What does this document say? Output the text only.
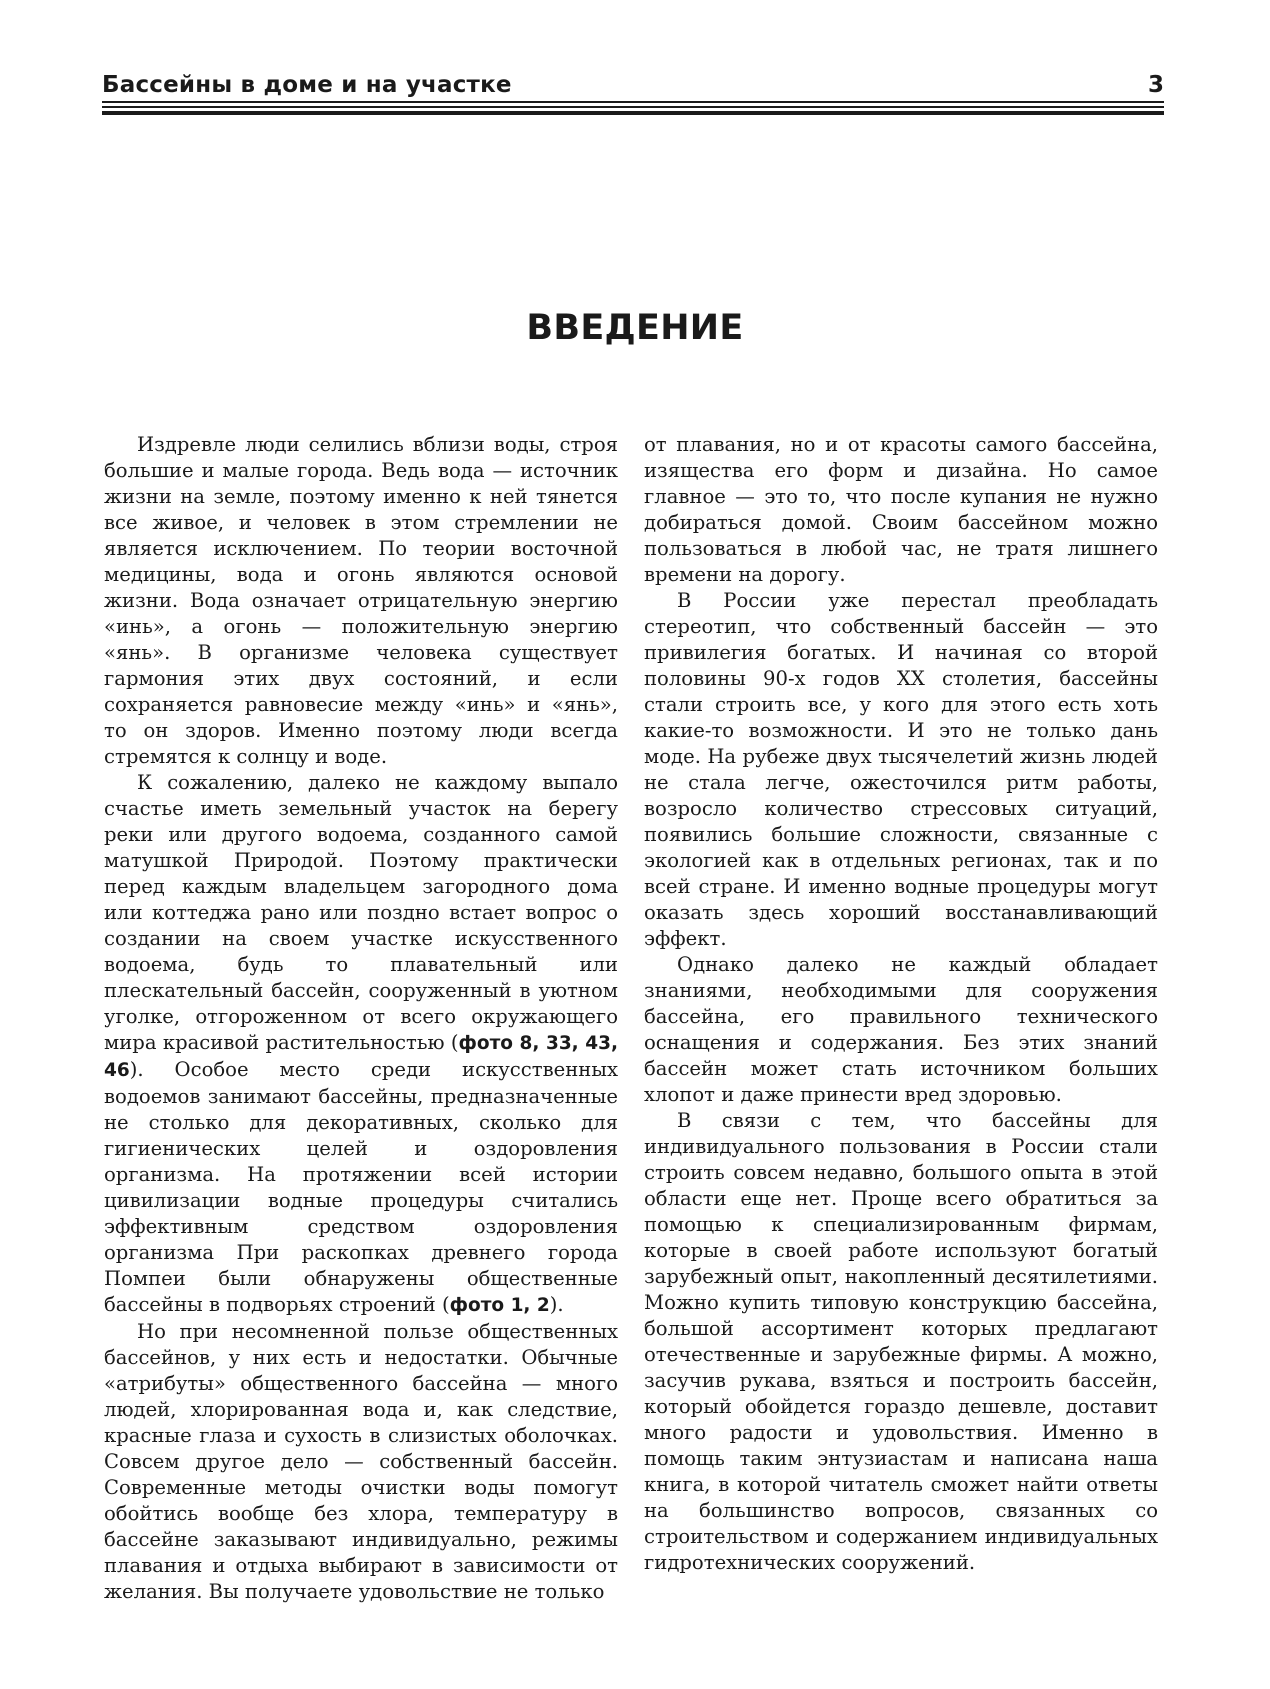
Бассейны в доме и на участке	3
ВВЕДЕНИЕ

Издревле люди селились вблизи воды, строя большие и малые города. Ведь вода — источник жизни на земле, поэтому именно к ней тянется все живое, и человек в этом стремлении не является исключением. По теории восточной медицины, вода и огонь являются основой жизни. Вода означает отрицательную энергию «инь», а огонь — положительную энергию «янь». В организме человека существует гармония этих двух состояний, и если сохраняется равновесие между «инь» и «янь», то он здоров. Именно поэтому люди всегда стремятся к солнцу и воде.

К сожалению, далеко не каждому выпало счастье иметь земельный участок на берегу реки или другого водоема, созданного самой матушкой Природой. Поэтому практически перед каждым владельцем загородного дома или коттеджа рано или поздно встает вопрос о создании на своем участке искусственного водоема, будь то плавательный или плескательный бассейн, сооруженный в уютном уголке, отгороженном от всего окружающего мира красивой растительностью (фото 8, 33, 43, 46). Особое место среди искусственных водоемов занимают бассейны, предназначенные не столько для декоративных, сколько для гигиенических целей и оздоровления организма. На протяжении всей истории цивилизации водные процедуры считались эффективным средством оздоровления организма При раскопках древнего города Помпеи были обнаружены общественные бассейны в подворьях строений (фото 1, 2).

Но при несомненной пользе общественных бассейнов, у них есть и недостатки. Обычные «атрибуты» общественного бассейна — много людей, хлорированная вода и, как следствие, красные глаза и сухость в слизистых оболочках. Совсем другое дело — собственный бассейн. Современные методы очистки воды помогут обойтись вообще без хлора, температуру в бассейне заказывают индивидуально, режимы плавания и отдыха выбирают в зависимости от желания. Вы получаете удовольствие не только

от плавания, но и от красоты самого бассейна, изящества его форм и дизайна. Но самое главное — это то, что после купания не нужно добираться домой. Своим бассейном можно пользоваться в любой час, не тратя лишнего времени на дорогу.

В России уже перестал преобладать стереотип, что собственный бассейн — это привилегия богатых. И начиная со второй половины 90-х годов XX столетия, бассейны стали строить все, у кого для этого есть хоть какие-то возможности. И это не только дань моде. На рубеже двух тысячелетий жизнь людей не стала легче, ожесточился ритм работы, возросло количество стрессовых ситуаций, появились большие сложности, связанные с экологией как в отдельных регионах, так и по всей стране. И именно водные процедуры могут оказать здесь хороший восстанавливающий эффект.

Однако далеко не каждый обладает знаниями, необходимыми для сооружения бассейна, его правильного технического оснащения и содержания. Без этих знаний бассейн может стать источником больших хлопот и даже принести вред здоровью.

В связи с тем, что бассейны для индивидуального пользования в России стали строить совсем недавно, большого опыта в этой области еще нет. Проще всего обратиться за помощью к специализированным фирмам, которые в своей работе используют богатый зарубежный опыт, накопленный десятилетиями. Можно купить типовую конструкцию бассейна, большой ассортимент которых предлагают отечественные и зарубежные фирмы. А можно, засучив рукава, взяться и построить бассейн, который обойдется гораздо дешевле, доставит много радости и удовольствия. Именно в помощь таким энтузиастам и написана наша книга, в которой читатель сможет найти ответы на большинство вопросов, связанных со строительством и содержанием индивидуальных гидротехнических сооружений.
